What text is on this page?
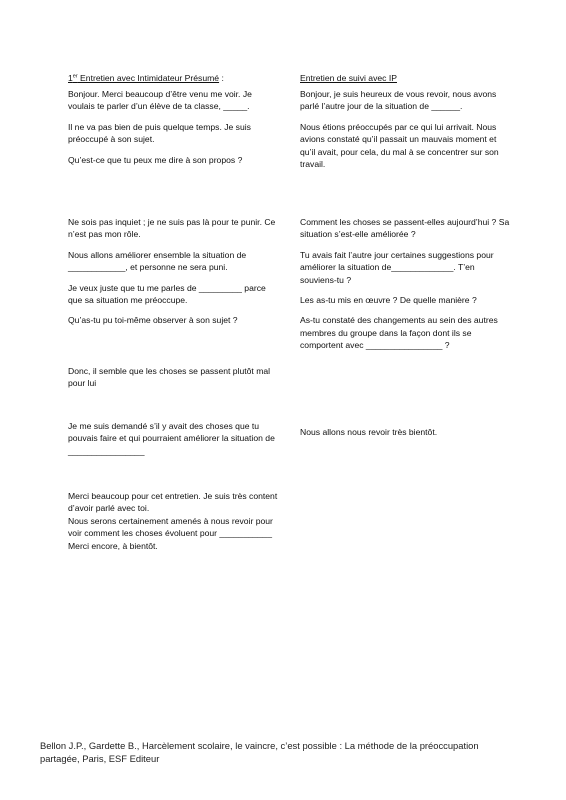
1er Entretien avec Intimidateur Présumé :

Bonjour. Merci beaucoup d’être venu me voir. Je voulais te parler d’un élève de ta classe, _____.

Il ne va pas bien de puis quelque temps. Je suis préoccupé à son sujet.

Qu’est-ce que tu peux me dire à son propos ?

Ne sois pas inquiet ; je ne suis pas là pour te punir. Ce n’est pas mon rôle.

Nous allons améliorer ensemble la situation de ____________, et personne ne sera puni.

Je veux juste que tu me parles de _________ parce que sa situation me préoccupe.

Qu’as-tu pu toi-même observer à son sujet ?

Donc, il semble que les choses se passent plutôt mal pour lui

Je me suis demandé s’il y avait des choses que tu pouvais faire et qui pourraient améliorer la situation de ________________

Merci beaucoup pour cet entretien. Je suis très content d’avoir parlé avec toi.
Nous serons certainement amenés à nous revoir pour voir comment les choses évoluent pour ___________
Merci encore, à bientôt.

Entretien de suivi avec IP

Bonjour, je suis heureux de vous revoir, nous avons parlé l’autre jour de la situation de ______.

Nous étions préoccupés par ce qui lui arrivait. Nous avions constaté qu’il passait un mauvais moment et qu’il avait, pour cela, du mal à se concentrer sur son travail.

Comment les choses se passent-elles aujourd’hui ? Sa situation s’est-elle améliorée ?

Tu avais fait l’autre jour certaines suggestions pour améliorer la situation de_____________. T’en souviens-tu ?

Les as-tu mis en œuvre ? De quelle manière ?

As-tu constaté des changements au sein des autres membres du groupe dans la façon dont ils se comportent avec ________________ ?

Nous allons nous revoir très bientôt.

Bellon J.P., Gardette B., Harcèlement scolaire, le vaincre, c’est possible : La méthode de la préoccupation partagée, Paris, ESF Editeur
